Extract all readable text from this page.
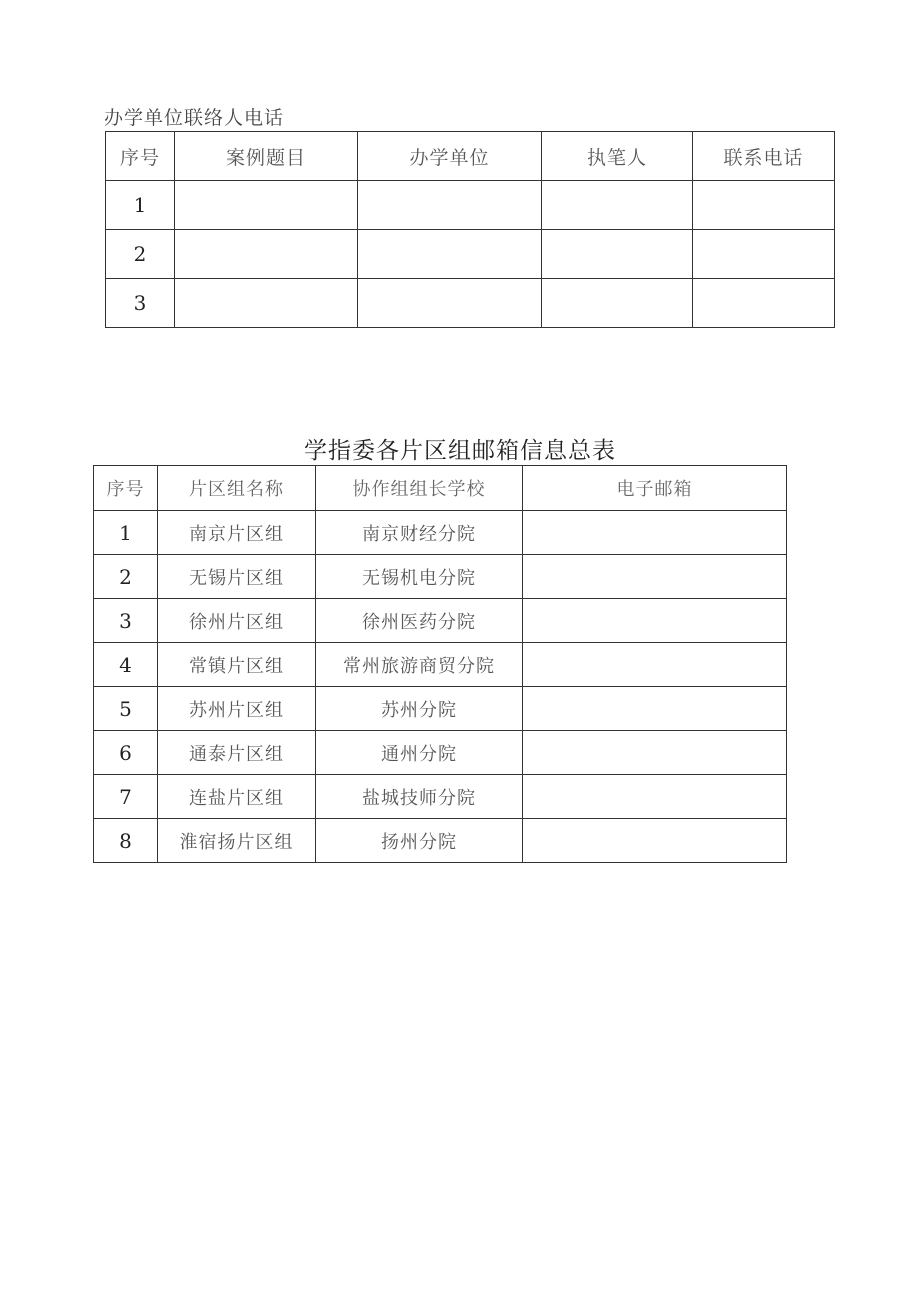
办学单位联络人电话
序号	案例题目	办学单位	执笔人	联系电话
1				
2				
3				
学指委各片区组邮箱信息总表
序号	片区组名称	协作组组长学校	电子邮箱
1	南京片区组	南京财经分院	
2	无锡片区组	无锡机电分院	
3	徐州片区组	徐州医药分院	
4	常镇片区组	常州旅游商贸分院	
5	苏州片区组	苏州分院	
6	通泰片区组	通州分院	
7	连盐片区组	盐城技师分院	
8	淮宿扬片区组	扬州分院	
